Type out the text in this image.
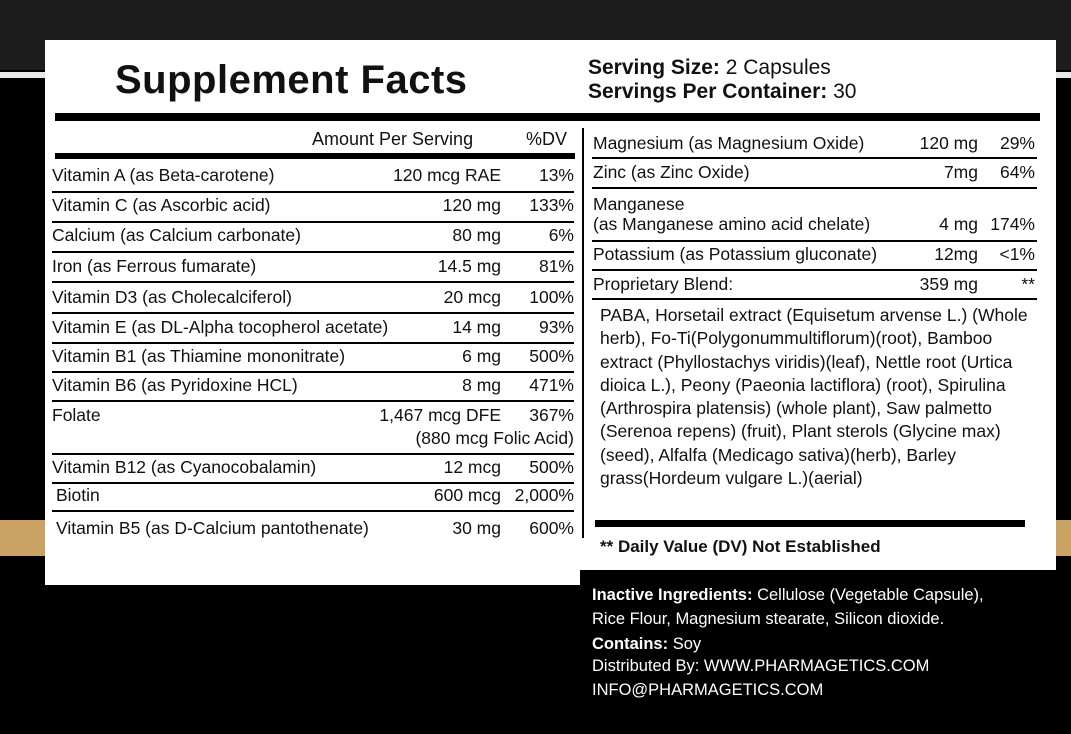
Supplement Facts	Serving Size: 2 Capsules
Servings Per Container: 30
Amount Per Serving	%DV
Vitamin A (as Beta-carotene)	120 mcg RAE 13%
Vitamin C (as Ascorbic acid)	120 mg 133%
Calcium (as Calcium carbonate)	80 mg	6%
Iron (as Ferrous fumarate)	14.5 mg 81%
Vitamin D3 (as Cholecalciferol)	20 mcg 100%
Vitamin E (as DL-Alpha tocopherol acetate)	14 mg 93%
Vitamin B1 (as Thiamine mononitrate)	6 mg 500%
Vitamin B6 (as Pyridoxine HCL)	8 mg 471%
Folate	1,467 mcg DFE 367%
(880 mcg Folic Acid)
Vitamin B12 (as Cyanocobalamin)	12 mcg 500%
Biotin	600 mcg 2,000%
Vitamin B5 (as D-Calcium pantothenate)	30 mg 600%
Magnesium (as Magnesium Oxide)	120 mg 29%
Zinc (as Zinc Oxide)	7mg 64%
Manganese
(as Manganese amino acid chelate)	4 mg 174%
Potassium (as Potassium gluconate)	12mg <1%
Proprietary Blend:	359 mg **
PABA, Horsetail extract (Equisetum arvense L.) (Whole herb), Fo-Ti(Polygonummultiflorum)(root), Bamboo extract (Phyllostachys viridis)(leaf), Nettle root (Urtica dioica L.), Peony (Paeonia lactiflora) (root), Spirulina (Arthrospira platensis) (whole plant), Saw palmetto (Serenoa repens) (fruit), Plant sterols (Glycine max)(seed), Alfalfa (Medicago sativa)(herb), Barley grass(Hordeum vulgare L.)(aerial)
** Daily Value (DV) Not Established
Inactive Ingredients: Cellulose (Vegetable Capsule),
Rice Flour, Magnesium stearate, Silicon dioxide.
Contains: Soy
Distributed By: WWW.PHARMAGETICS.COM
INFO@PHARMAGETICS.COM
